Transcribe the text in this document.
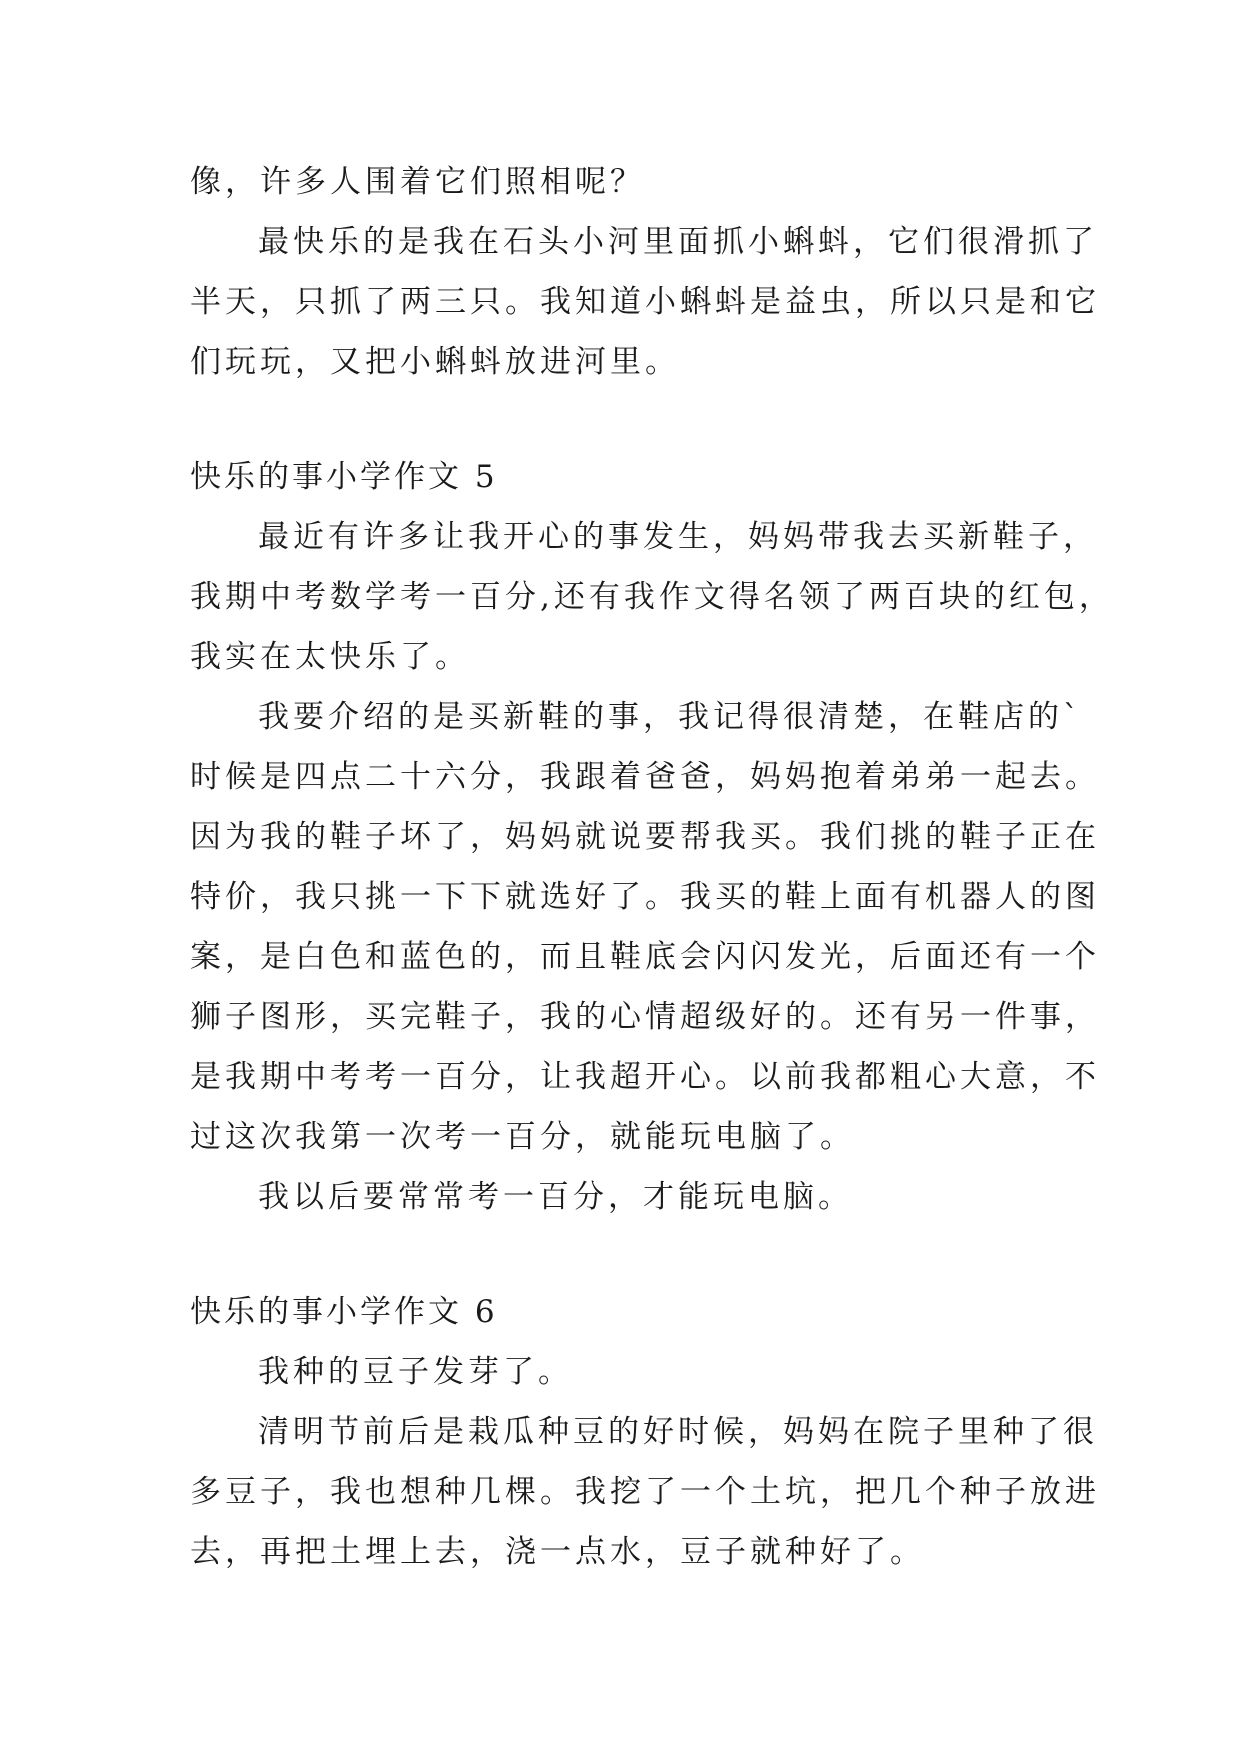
像，许多人围着它们照相呢？
最快乐的是我在石头小河里面抓小蝌蚪，它们很滑抓了
半天，只抓了两三只。我知道小蝌蚪是益虫，所以只是和它
们玩玩，又把小蝌蚪放进河里。
快乐的事小学作文 5
最近有许多让我开心的事发生，妈妈带我去买新鞋子，
我期中考数学考一百分,还有我作文得名领了两百块的红包，
我实在太快乐了。
我要介绍的是买新鞋的事，我记得很清楚，在鞋店的`
时候是四点二十六分，我跟着爸爸，妈妈抱着弟弟一起去。
因为我的鞋子坏了，妈妈就说要帮我买。我们挑的鞋子正在
特价，我只挑一下下就选好了。我买的鞋上面有机器人的图
案，是白色和蓝色的，而且鞋底会闪闪发光，后面还有一个
狮子图形，买完鞋子，我的心情超级好的。还有另一件事，
是我期中考考一百分，让我超开心。以前我都粗心大意，不
过这次我第一次考一百分，就能玩电脑了。
我以后要常常考一百分，才能玩电脑。
快乐的事小学作文 6
我种的豆子发芽了。
清明节前后是栽瓜种豆的好时候，妈妈在院子里种了很
多豆子，我也想种几棵。我挖了一个土坑，把几个种子放进
去，再把土埋上去，浇一点水，豆子就种好了。
